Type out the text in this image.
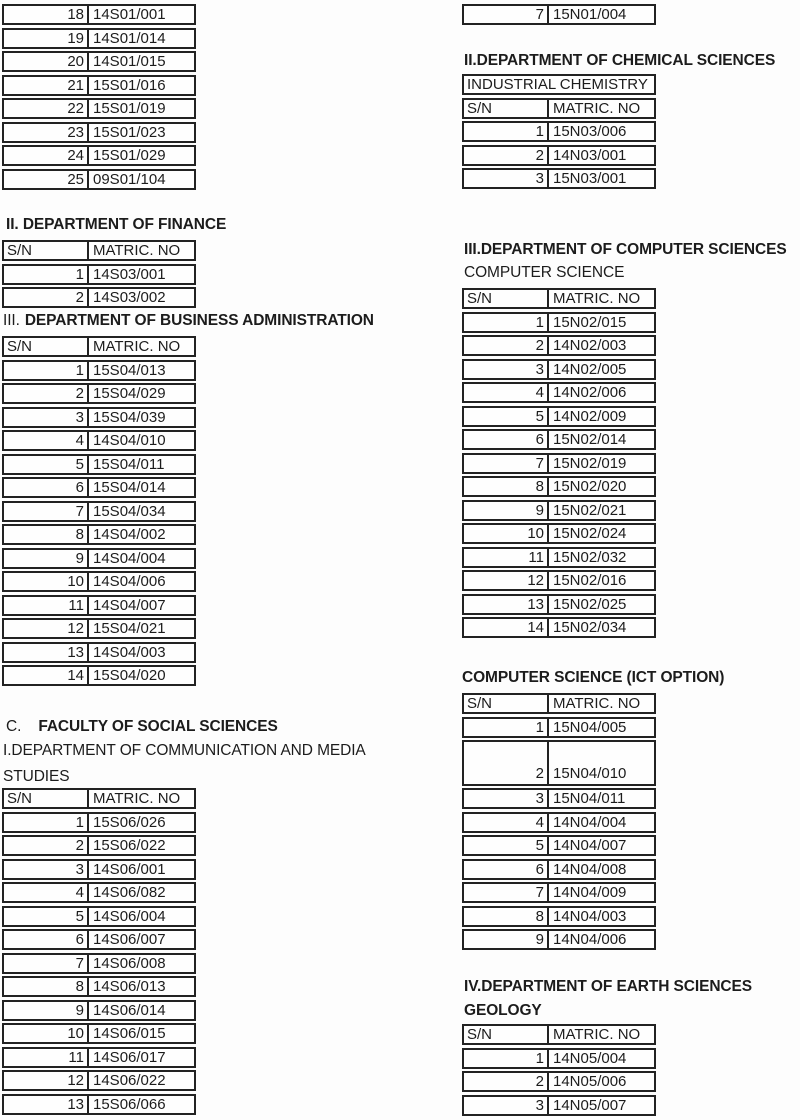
18 14S01/001
19 14S01/014
20 14S01/015
21 15S01/016
22 15S01/019
23 15S01/023
24 15S01/029
25 09S01/104
II. DEPARTMENT OF FINANCE
S/N	MATRIC. NO
1 14S03/001
2 14S03/002
III. DEPARTMENT OF BUSINESS ADMINISTRATION
S/N	MATRIC. NO
1 15S04/013
2 15S04/029
3 15S04/039
4 14S04/010
5 15S04/011
6 15S04/014
7 15S04/034
8 14S04/002
9 14S04/004
10 14S04/006
11 14S04/007
12 15S04/021
13 14S04/003
14 15S04/020
C. FACULTY OF SOCIAL SCIENCES
I.DEPARTMENT OF COMMUNICATION AND MEDIA
STUDIES
S/N	MATRIC. NO
1 15S06/026
2 15S06/022
3 14S06/001
4 14S06/082
5 14S06/004
6 14S06/007
7 14S06/008
8 14S06/013
9 14S06/014
10 14S06/015
11 14S06/017
12 14S06/022
13 15S06/066
7 15N01/004
II.DEPARTMENT OF CHEMICAL SCIENCES
INDUSTRIAL CHEMISTRY
S/N	MATRIC. NO
1 15N03/006
2 14N03/001
3 15N03/001
III.DEPARTMENT OF COMPUTER SCIENCES
COMPUTER SCIENCE
S/N	MATRIC. NO
1 15N02/015
2 14N02/003
3 14N02/005
4 14N02/006
5 14N02/009
6 15N02/014
7 15N02/019
8 15N02/020
9 15N02/021
10 15N02/024
11 15N02/032
12 15N02/016
13 15N02/025
14 15N02/034
COMPUTER SCIENCE (ICT OPTION)
S/N	MATRIC. NO
1 15N04/005
2 15N04/010
3 15N04/011
4 14N04/004
5 14N04/007
6 14N04/008
7 14N04/009
8 14N04/003
9 14N04/006
IV.DEPARTMENT OF EARTH SCIENCES
GEOLOGY
S/N	MATRIC. NO
1 14N05/004
2 14N05/006
3 14N05/007
